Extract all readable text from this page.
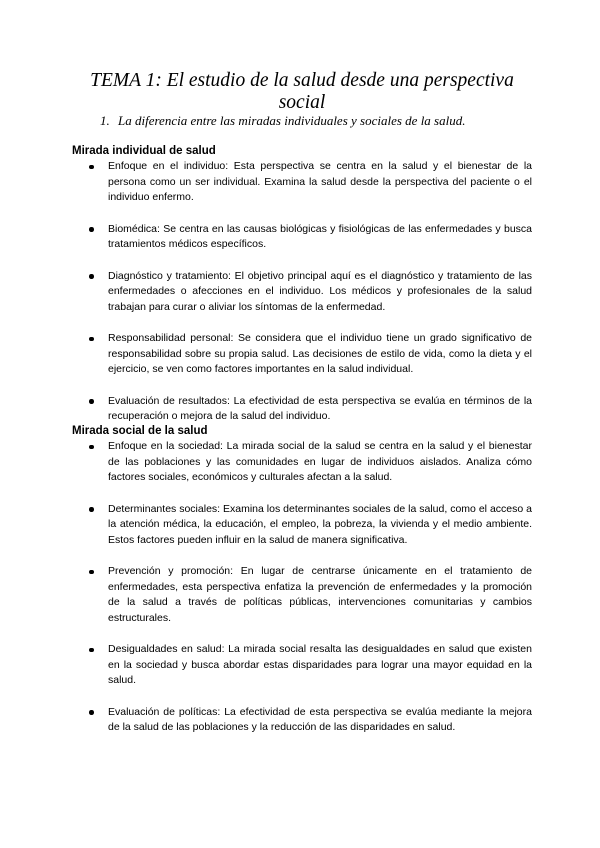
TEMA 1: El estudio de la salud desde una perspectiva social

1. La diferencia entre las miradas individuales y sociales de la salud.

Mirada individual de salud
Enfoque en el individuo: Esta perspectiva se centra en la salud y el bienestar de la persona como un ser individual. Examina la salud desde la perspectiva del paciente o el individuo enfermo.
Biomédica: Se centra en las causas biológicas y fisiológicas de las enfermedades y busca tratamientos médicos específicos.
Diagnóstico y tratamiento: El objetivo principal aquí es el diagnóstico y tratamiento de las enfermedades o afecciones en el individuo. Los médicos y profesionales de la salud trabajan para curar o aliviar los síntomas de la enfermedad.
Responsabilidad personal: Se considera que el individuo tiene un grado significativo de responsabilidad sobre su propia salud. Las decisiones de estilo de vida, como la dieta y el ejercicio, se ven como factores importantes en la salud individual.
Evaluación de resultados: La efectividad de esta perspectiva se evalúa en términos de la recuperación o mejora de la salud del individuo.
Mirada social de la salud
Enfoque en la sociedad: La mirada social de la salud se centra en la salud y el bienestar de las poblaciones y las comunidades en lugar de individuos aislados. Analiza cómo factores sociales, económicos y culturales afectan a la salud.
Determinantes sociales: Examina los determinantes sociales de la salud, como el acceso a la atención médica, la educación, el empleo, la pobreza, la vivienda y el medio ambiente. Estos factores pueden influir en la salud de manera significativa.
Prevención y promoción: En lugar de centrarse únicamente en el tratamiento de enfermedades, esta perspectiva enfatiza la prevención de enfermedades y la promoción de la salud a través de políticas públicas, intervenciones comunitarias y cambios estructurales.
Desigualdades en salud: La mirada social resalta las desigualdades en salud que existen en la sociedad y busca abordar estas disparidades para lograr una mayor equidad en la salud.
Evaluación de políticas: La efectividad de esta perspectiva se evalúa mediante la mejora de la salud de las poblaciones y la reducción de las disparidades en salud.
